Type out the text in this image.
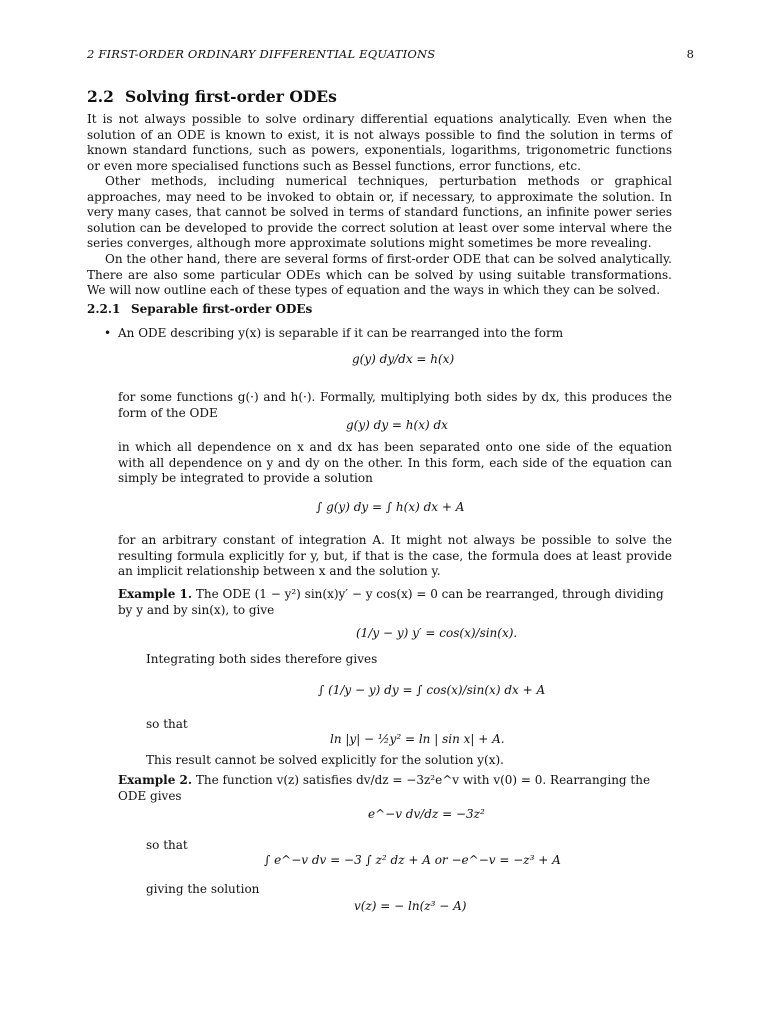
2 FIRST-ORDER ORDINARY DIFFERENTIAL EQUATIONS	8
2.2 Solving first-order ODEs
It is not always possible to solve ordinary differential equations analytically. Even when the solution of an ODE is known to exist, it is not always possible to find the solution in terms of known standard functions, such as powers, exponentials, logarithms, trigonometric functions or even more specialised functions such as Bessel functions, error functions, etc.
Other methods, including numerical techniques, perturbation methods or graphical approaches, may need to be invoked to obtain or, if necessary, to approximate the solution. In very many cases, that cannot be solved in terms of standard functions, an infinite power series solution can be developed to provide the correct solution at least over some interval where the series converges, although more approximate solutions might sometimes be more revealing.
On the other hand, there are several forms of first-order ODE that can be solved analytically. There are also some particular ODEs which can be solved by using suitable transformations. We will now outline each of these types of equation and the ways in which they can be solved.
2.2.1 Separable first-order ODEs
• An ODE describing y(x) is separable if it can be rearranged into the form
g(y) dy/dx = h(x)
for some functions g(·) and h(·). Formally, multiplying both sides by dx, this produces the form of the ODE
g(y) dy = h(x) dx
in which all dependence on x and dx has been separated onto one side of the equation with all dependence on y and dy on the other. In this form, each side of the equation can simply be integrated to provide a solution
∫ g(y) dy = ∫ h(x) dx + A
for an arbitrary constant of integration A. It might not always be possible to solve the resulting formula explicitly for y, but, if that is the case, the formula does at least provide an implicit relationship between x and the solution y.
Example 1. The ODE (1 − y²) sin(x)y′ − y cos(x) = 0 can be rearranged, through dividing by y and by sin(x), to give
(1/y − y) y′ = cos(x)/sin(x).
Integrating both sides therefore gives
∫ (1/y − y) dy = ∫ cos(x)/sin(x) dx + A
so that
ln |y| − ½y² = ln | sin x| + A.
This result cannot be solved explicitly for the solution y(x).
Example 2. The function v(z) satisfies dv/dz = −3z²e^v with v(0) = 0. Rearranging the ODE gives
e^−v dv/dz = −3z²
so that
∫ e^−v dv = −3 ∫ z² dz + A or −e^−v = −z³ + A
giving the solution
v(z) = − ln(z³ − A)
